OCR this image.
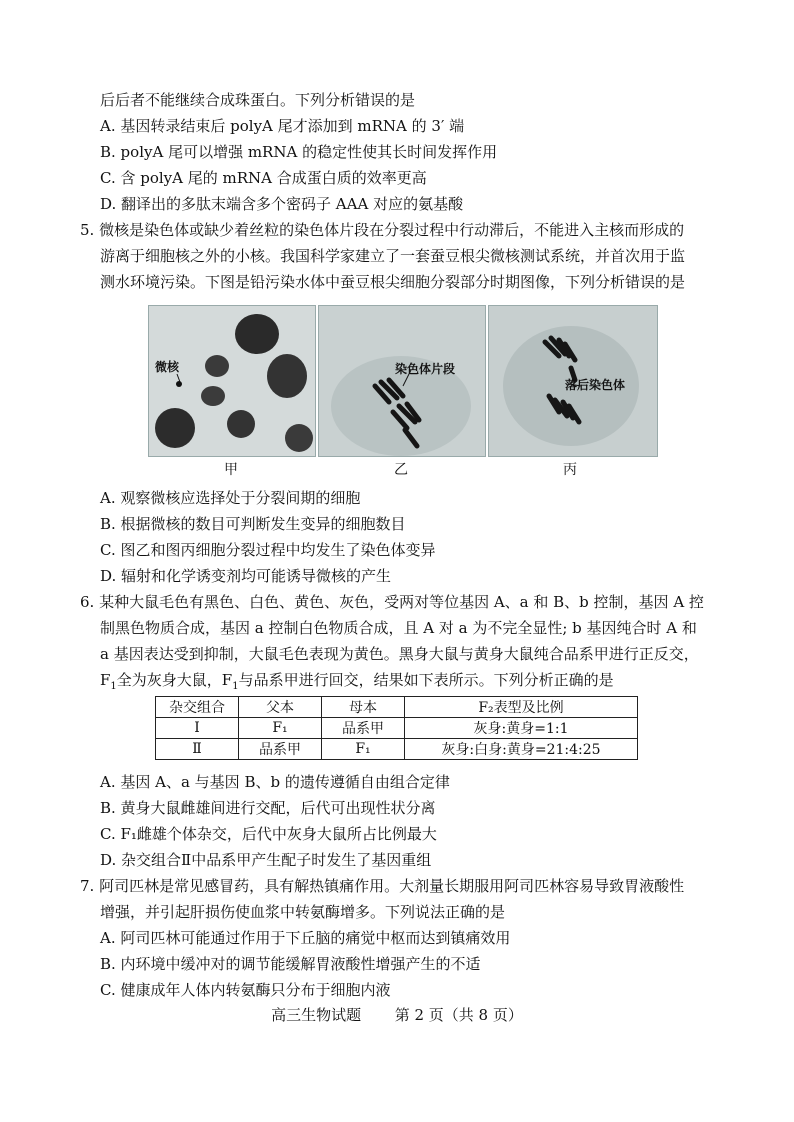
后后者不能继续合成珠蛋白。下列分析错误的是
A. 基因转录结束后 polyA 尾才添加到 mRNA 的 3′ 端
B. polyA 尾可以增强 mRNA 的稳定性使其长时间发挥作用
C. 含 polyA 尾的 mRNA 合成蛋白质的效率更高
D. 翻译出的多肽末端含多个密码子 AAA 对应的氨基酸
5. 微核是染色体或缺少着丝粒的染色体片段在分裂过程中行动滞后，不能进入主核而形成的
游离于细胞核之外的小核。我国科学家建立了一套蚕豆根尖微核测试系统，并首次用于监
测水环境污染。下图是铅污染水体中蚕豆根尖细胞分裂部分时期图像，下列分析错误的是
微核	染色体片段
落后染色体
甲	乙	丙
A. 观察微核应选择处于分裂间期的细胞
B. 根据微核的数目可判断发生变异的细胞数目
C. 图乙和图丙细胞分裂过程中均发生了染色体变异
D. 辐射和化学诱变剂均可能诱导微核的产生
6. 某种大鼠毛色有黑色、白色、黄色、灰色，受两对等位基因 A、a 和 B、b 控制，基因 A 控
制黑色物质合成，基因 a 控制白色物质合成，且 A 对 a 为不完全显性; b 基因纯合时 A 和
a 基因表达受到抑制，大鼠毛色表现为黄色。黑身大鼠与黄身大鼠纯合品系甲进行正反交，
$F_1$全为灰身大鼠，$F_1$与品系甲进行回交，结果如下表所示。下列分析正确的是
杂交组合	父本	母本	F₂表型及比例
Ⅰ	F₁	品系甲	灰身:黄身=1:1
Ⅱ	品系甲	F₁	灰身:白身:黄身=21:4:25
A. 基因 A、a 与基因 B、b 的遗传遵循自由组合定律
B. 黄身大鼠雌雄间进行交配，后代可出现性状分离
C. F₁雌雄个体杂交，后代中灰身大鼠所占比例最大
D. 杂交组合Ⅱ中品系甲产生配子时发生了基因重组
7. 阿司匹林是常见感冒药，具有解热镇痛作用。大剂量长期服用阿司匹林容易导致胃液酸性
增强，并引起肝损伤使血浆中转氨酶增多。下列说法正确的是
A. 阿司匹林可能通过作用于下丘脑的痛觉中枢而达到镇痛效用
B. 内环境中缓冲对的调节能缓解胃液酸性增强产生的不适
C. 健康成年人体内转氨酶只分布于细胞内液
高三生物试题 第 2 页（共 8 页）
